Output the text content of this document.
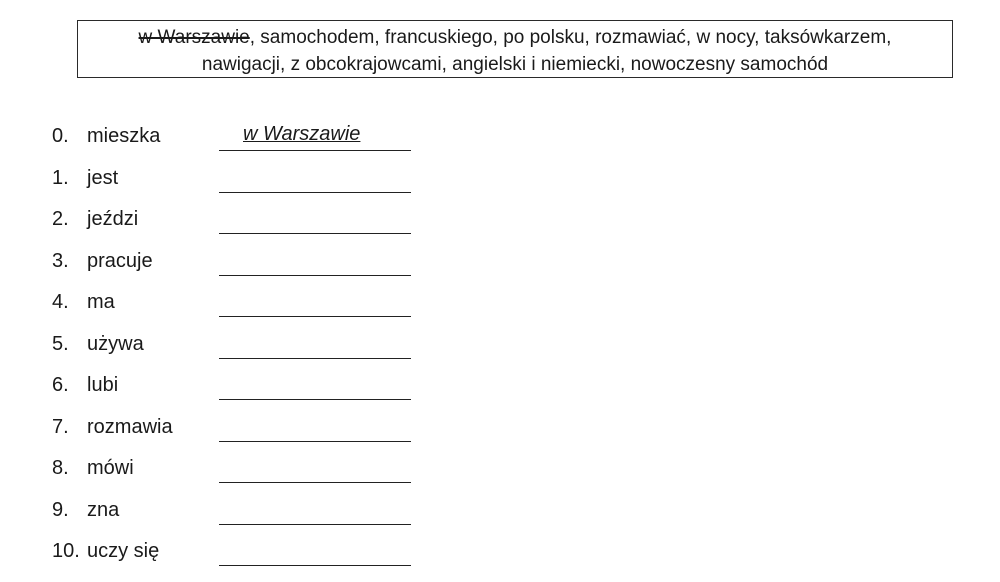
w Warszawie, samochodem, francuskiego, po polsku, rozmawiać, w nocy, taksówkarzem,
nawigacji, z obcokrajowcami, angielski i niemiecki, nowoczesny samochód
0. mieszka	w Warszawie
1. jest
2. jeździ
3. pracuje
4. ma
5. używa
6. lubi
7. rozmawia
8. mówi
9. zna
10. uczy się
